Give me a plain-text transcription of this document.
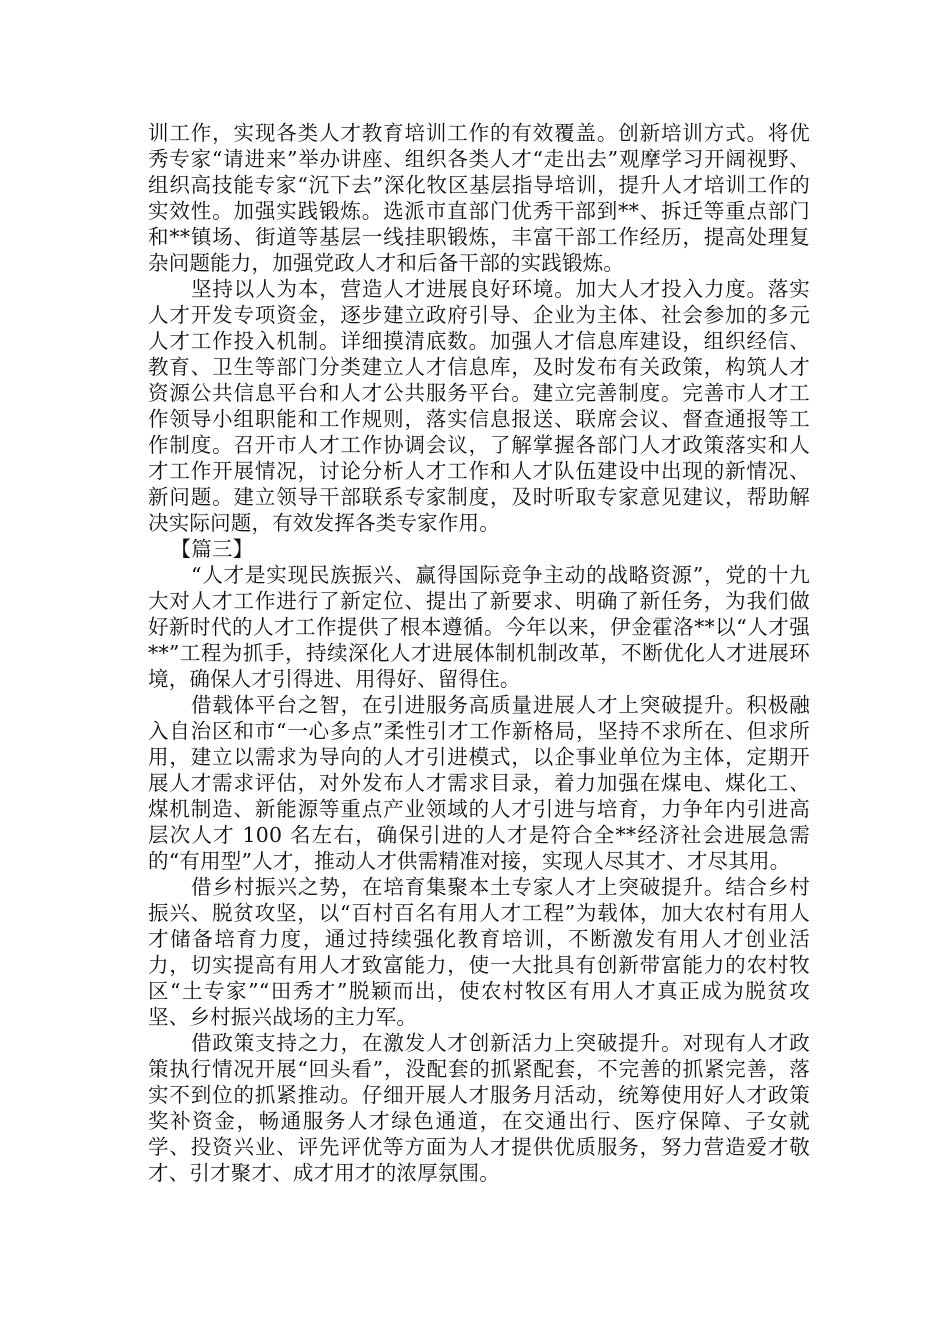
训工作，实现各类人才教育培训工作的有效覆盖。创新培训方式。将优秀专家“请进来”举办讲座、组织各类人才“走出去”观摩学习开阔视野、组织高技能专家“沉下去”深化牧区基层指导培训，提升人才培训工作的实效性。加强实践锻炼。选派市直部门优秀干部到**、拆迁等重点部门和**镇场、街道等基层一线挂职锻炼，丰富干部工作经历，提高处理复杂问题能力，加强党政人才和后备干部的实践锻炼。

坚持以人为本，营造人才进展良好环境。加大人才投入力度。落实人才开发专项资金，逐步建立政府引导、企业为主体、社会参加的多元人才工作投入机制。详细摸清底数。加强人才信息库建设，组织经信、教育、卫生等部门分类建立人才信息库，及时发布有关政策，构筑人才资源公共信息平台和人才公共服务平台。建立完善制度。完善市人才工作领导小组职能和工作规则，落实信息报送、联席会议、督查通报等工作制度。召开市人才工作协调会议，了解掌握各部门人才政策落实和人才工作开展情况，讨论分析人才工作和人才队伍建设中出现的新情况、新问题。建立领导干部联系专家制度，及时听取专家意见建议，帮助解决实际问题，有效发挥各类专家作用。

【篇三】

“人才是实现民族振兴、赢得国际竞争主动的战略资源”，党的十九大对人才工作进行了新定位、提出了新要求、明确了新任务，为我们做好新时代的人才工作提供了根本遵循。今年以来，伊金霍洛**以“人才强**”工程为抓手，持续深化人才进展体制机制改革，不断优化人才进展环境，确保人才引得进、用得好、留得住。

借载体平台之智，在引进服务高质量进展人才上突破提升。积极融入自治区和市“一心多点”柔性引才工作新格局，坚持不求所在、但求所用，建立以需求为导向的人才引进模式，以企事业单位为主体，定期开展人才需求评估，对外发布人才需求目录，着力加强在煤电、煤化工、煤机制造、新能源等重点产业领域的人才引进与培育，力争年内引进高层次人才 100 名左右，确保引进的人才是符合全**经济社会进展急需的“有用型”人才，推动人才供需精准对接，实现人尽其才、才尽其用。

借乡村振兴之势，在培育集聚本土专家人才上突破提升。结合乡村振兴、脱贫攻坚，以“百村百名有用人才工程”为载体，加大农村有用人才储备培育力度，通过持续强化教育培训，不断激发有用人才创业活力，切实提高有用人才致富能力，使一大批具有创新带富能力的农村牧区“土专家”“田秀才”脱颖而出，使农村牧区有用人才真正成为脱贫攻坚、乡村振兴战场的主力军。

借政策支持之力，在激发人才创新活力上突破提升。对现有人才政策执行情况开展“回头看”，没配套的抓紧配套，不完善的抓紧完善，落实不到位的抓紧推动。仔细开展人才服务月活动，统筹使用好人才政策奖补资金，畅通服务人才绿色通道，在交通出行、医疗保障、子女就学、投资兴业、评先评优等方面为人才提供优质服务，努力营造爱才敬才、引才聚才、成才用才的浓厚氛围。
